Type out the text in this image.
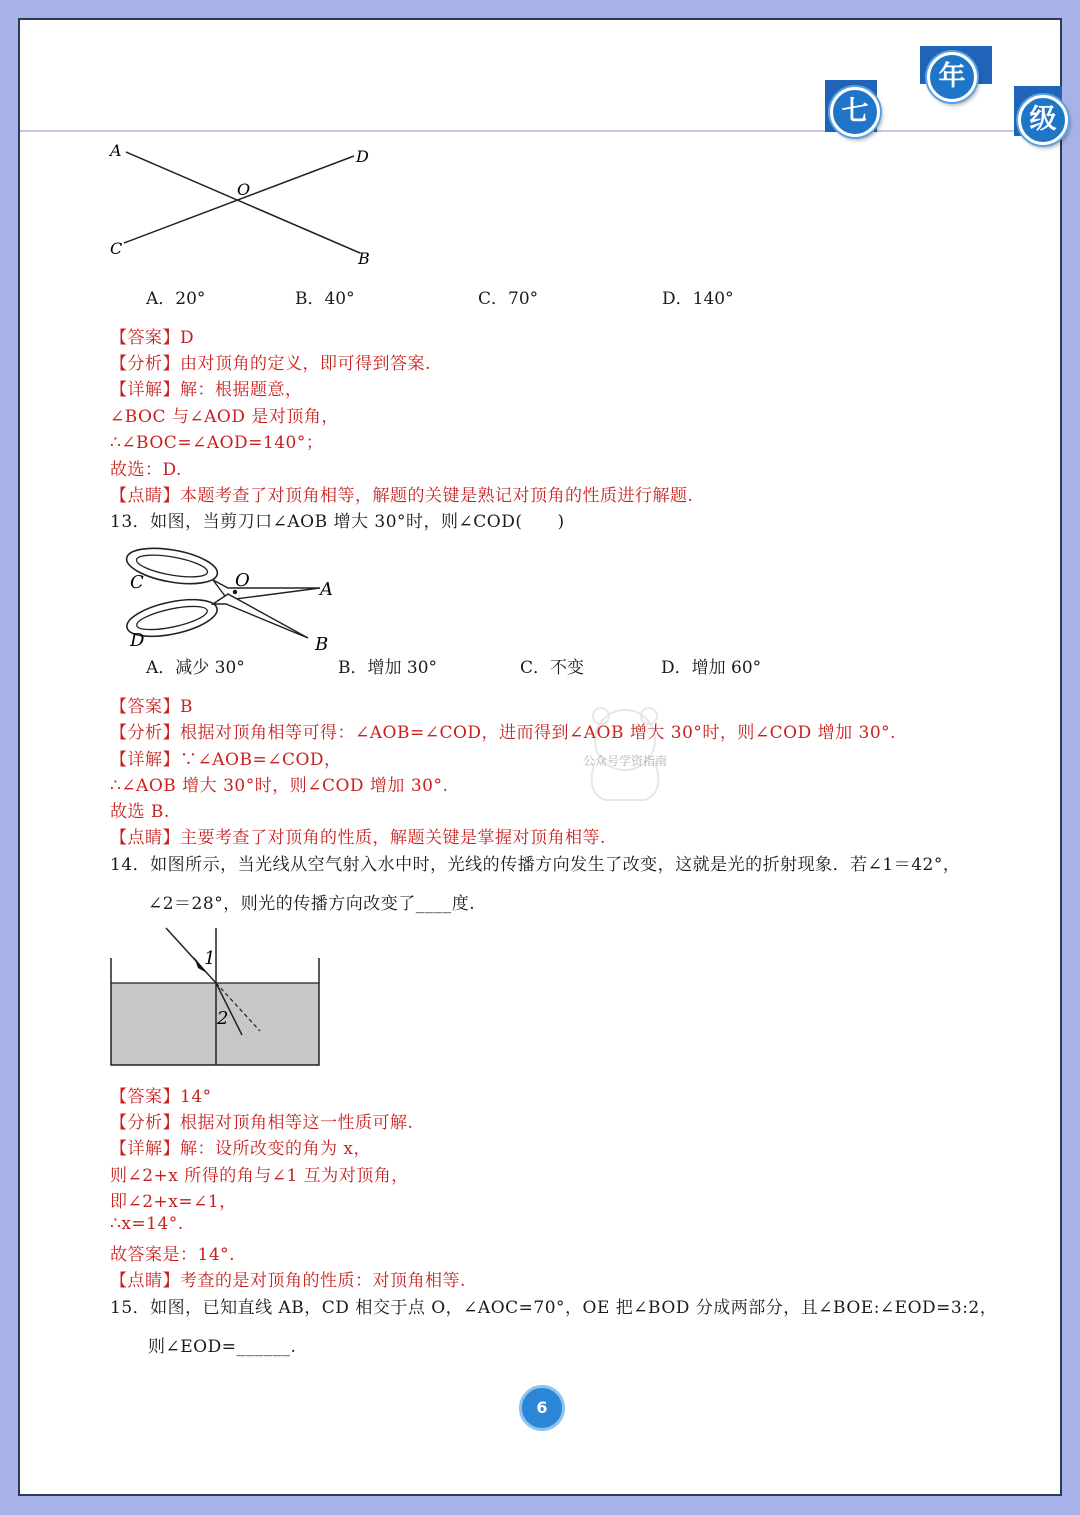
七
年
级
A	D
O
C
B
A．20°	B．40°	C．70°	D．140°
【答案】D
【分析】由对顶角的定义，即可得到答案.
【详解】解：根据题意，
∠BOC 与∠AOD 是对顶角，
∴∠BOC=∠AOD=140°；
故选：D.
【点睛】本题考查了对顶角相等，解题的关键是熟记对顶角的性质进行解题.
13．如图，当剪刀口∠AOB 增大 30°时，则∠COD(　　)
C	O	A
D	B
A．减少 30°	B．增加 30°	C．不变	D．增加 60°
【答案】B
【分析】根据对顶角相等可得：∠AOB=∠COD，进而得到∠AOB 增大 30°时，则∠COD 增加 30°.
【详解】∵∠AOB=∠COD，
∴∠AOB 增大 30°时，则∠COD 增加 30°.
故选 B.
【点睛】主要考查了对顶角的性质，解题关键是掌握对顶角相等.
公众号学资指南
14．如图所示，当光线从空气射入水中时，光线的传播方向发生了改变，这就是光的折射现象．若∠1＝42°，
∠2＝28°，则光的传播方向改变了____度.
1
2
【答案】14°
【分析】根据对顶角相等这一性质可解.
【详解】解：设所改变的角为 x，
则∠2+x 所得的角与∠1 互为对顶角，
即∠2+x=∠1，
∴x=14°.
故答案是：14°.
【点睛】考查的是对顶角的性质：对顶角相等.
15．如图，已知直线 AB，CD 相交于点 O，∠AOC=70°，OE 把∠BOD 分成两部分，且∠BOE:∠EOD=3:2，
则∠EOD=______.
6
